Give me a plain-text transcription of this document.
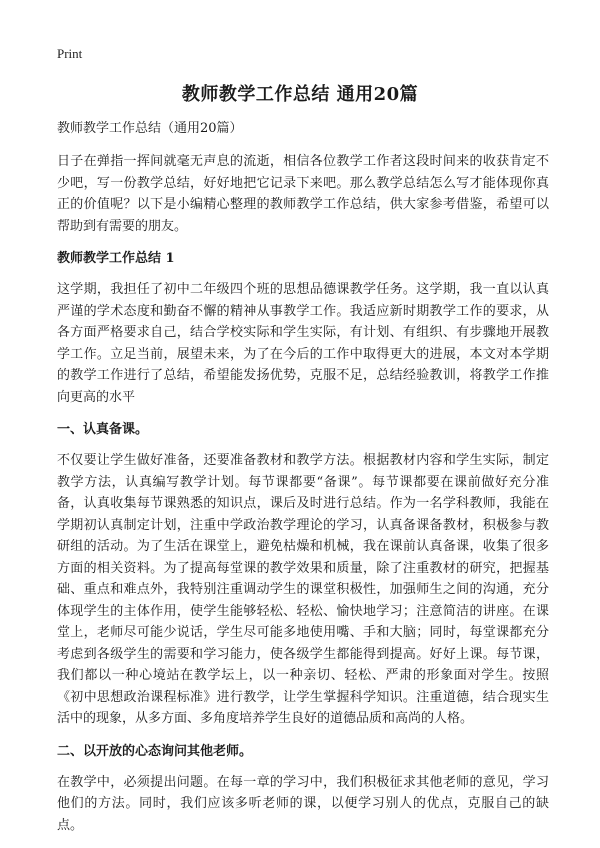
Print
教师教学工作总结 通用20篇
教师教学工作总结（通用20篇）
日子在弹指一挥间就毫无声息的流逝，相信各位教学工作者这段时间来的收获肯定不少吧，写一份教学总结，好好地把它记录下来吧。那么教学总结怎么写才能体现你真正的价值呢？以下是小编精心整理的教师教学工作总结，供大家参考借鉴，希望可以帮助到有需要的朋友。
教师教学工作总结 1
这学期，我担任了初中二年级四个班的思想品德课教学任务。这学期，我一直以认真严谨的学术态度和勤奋不懈的精神从事教学工作。我适应新时期教学工作的要求，从各方面严格要求自己，结合学校实际和学生实际，有计划、有组织、有步骤地开展教学工作。立足当前，展望未来，为了在今后的工作中取得更大的进展，本文对本学期的教学工作进行了总结，希望能发扬优势，克服不足，总结经验教训，将教学工作推向更高的水平
一、认真备课。
不仅要让学生做好准备，还要准备教材和教学方法。根据教材内容和学生实际，制定教学方法，认真编写教学计划。每节课都要“备课”。每节课都要在课前做好充分准备，认真收集每节课熟悉的知识点，课后及时进行总结。作为一名学科教师，我能在学期初认真制定计划，注重中学政治教学理论的学习，认真备课备教材，积极参与教研组的活动。为了生活在课堂上，避免枯燥和机械，我在课前认真备课，收集了很多方面的相关资料。为了提高每堂课的教学效果和质量，除了注重教材的研究，把握基础、重点和难点外，我特别注重调动学生的课堂积极性，加强师生之间的沟通，充分体现学生的主体作用，使学生能够轻松、轻松、愉快地学习；注意简洁的讲座。在课堂上，老师尽可能少说话，学生尽可能多地使用嘴、手和大脑；同时，每堂课都充分考虑到各级学生的需要和学习能力，使各级学生都能得到提高。好好上课。每节课，我们都以一种心境站在教学坛上，以一种亲切、轻松、严肃的形象面对学生。按照《初中思想政治课程标准》进行教学，让学生掌握科学知识。注重道德，结合现实生活中的现象，从多方面、多角度培养学生良好的道德品质和高尚的人格。
二、以开放的心态询问其他老师。
在教学中，必须提出问题。在每一章的学习中，我们积极征求其他老师的意见，学习他们的方法。同时，我们应该多听老师的课，以便学习别人的优点，克服自己的缺点。
